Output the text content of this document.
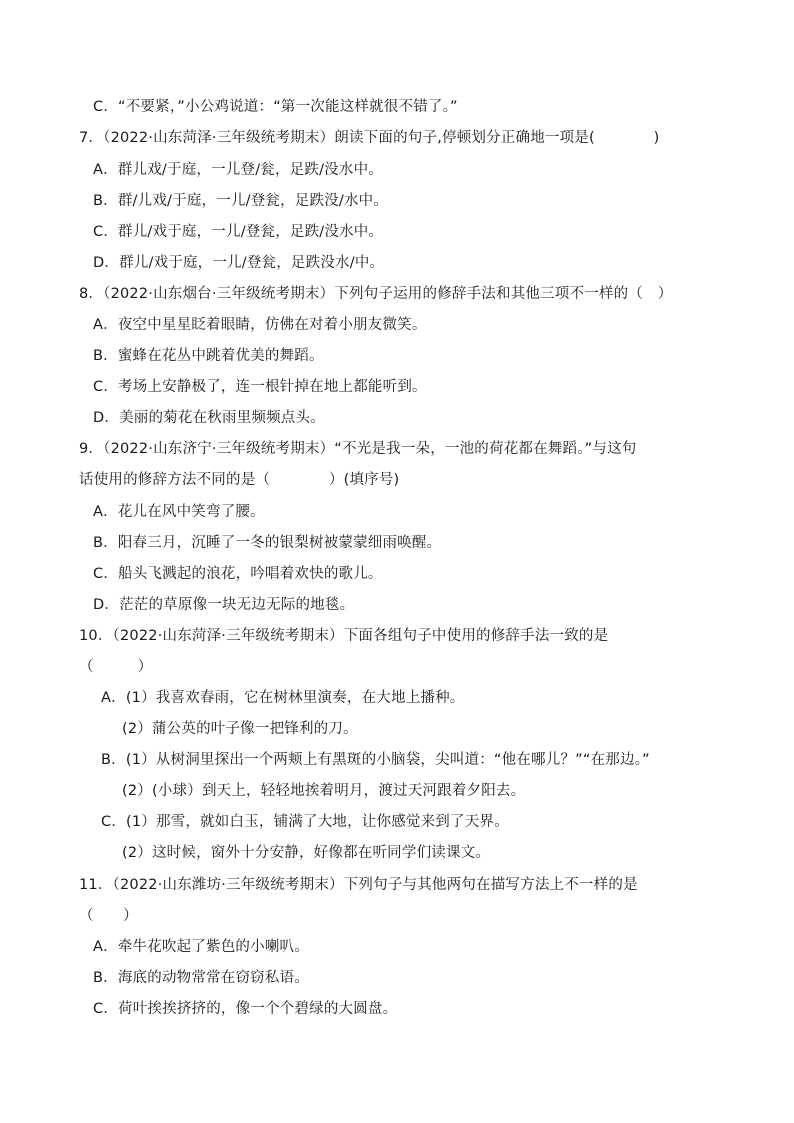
C．“不要紧，”小公鸡说道：“第一次能这样就很不错了。”
7．（2022·山东菏泽·三年级统考期末）朗读下面的句子,停顿划分正确地一项是(　　　　)
A．群儿戏/于庭，一儿登/瓮，足跌/没水中。
B．群/儿戏/于庭，一儿/登瓮，足跌没/水中。
C．群儿/戏于庭，一儿/登瓮，足跌/没水中。
D．群儿/戏于庭，一儿/登瓮，足跌没水/中。
8．（2022·山东烟台·三年级统考期末）下列句子运用的修辞手法和其他三项不一样的（　）
A．夜空中星星眨着眼睛，仿佛在对着小朋友微笑。
B．蜜蜂在花丛中跳着优美的舞蹈。
C．考场上安静极了，连一根针掉在地上都能听到。
D．美丽的菊花在秋雨里频频点头。
9．（2022·山东济宁·三年级统考期末）“不光是我一朵，一池的荷花都在舞蹈。”与这句
话使用的修辞方法不同的是（　　　　）(填序号)
A．花儿在风中笑弯了腰。
B．阳春三月，沉睡了一冬的银梨树被蒙蒙细雨唤醒。
C．船头飞溅起的浪花，吟唱着欢快的歌儿。
D．茫茫的草原像一块无边无际的地毯。
10．（2022·山东菏泽·三年级统考期末）下面各组句子中使用的修辞手法一致的是
（　　　）
A．(1）我喜欢春雨，它在树林里演奏，在大地上播种。
(2）蒲公英的叶子像一把锋利的刀。
B．(1）从树洞里探出一个两颊上有黑斑的小脑袋，尖叫道：“他在哪儿？”“在那边。”
(2）(小球）到天上，轻轻地挨着明月，渡过天河跟着夕阳去。
C．(1）那雪，就如白玉，铺满了大地，让你感觉来到了天界。
(2）这时候，窗外十分安静，好像都在听同学们读课文。
11．（2022·山东潍坊·三年级统考期末）下列句子与其他两句在描写方法上不一样的是
（　　）
A．牵牛花吹起了紫色的小喇叭。
B．海底的动物常常在窃窃私语。
C．荷叶挨挨挤挤的，像一个个碧绿的大圆盘。
